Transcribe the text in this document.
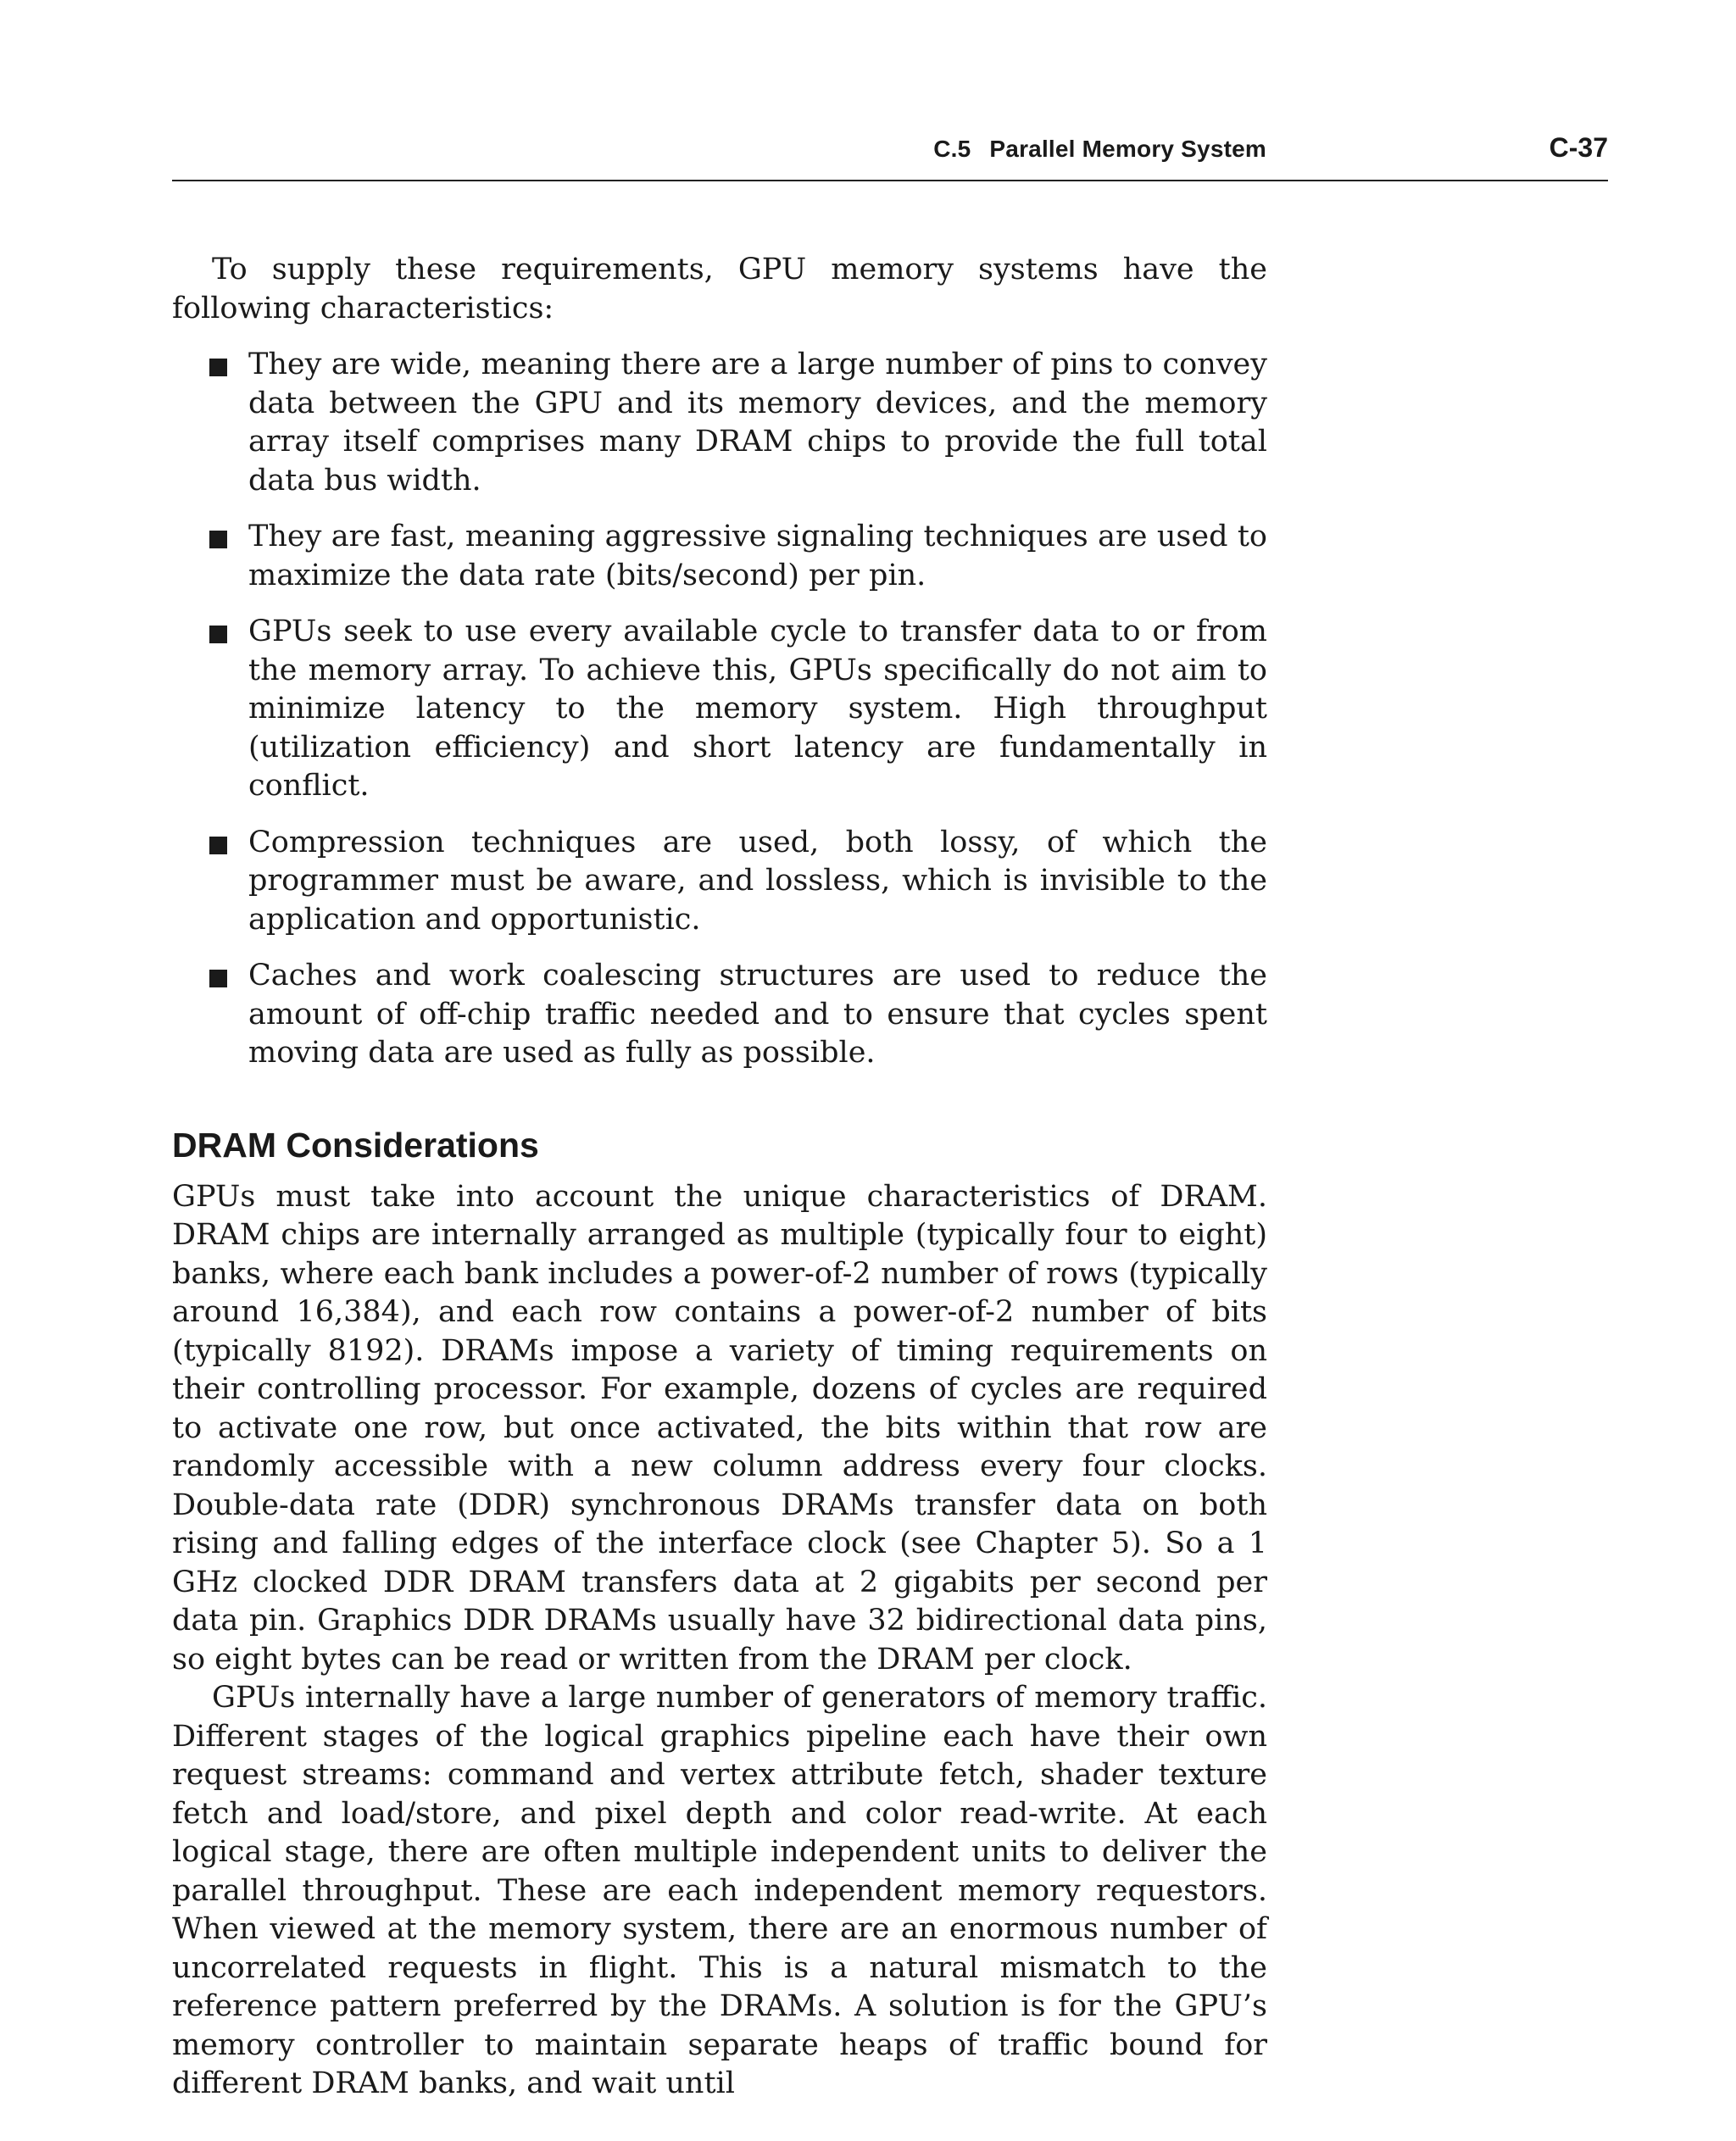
C.5 Parallel Memory System	C-37

To supply these requirements, GPU memory systems have the following characteristics:

They are wide, meaning there are a large number of pins to convey data between the GPU and its memory devices, and the memory array itself comprises many DRAM chips to provide the full total data bus width.
They are fast, meaning aggressive signaling techniques are used to maximize the data rate (bits/second) per pin.
GPUs seek to use every available cycle to transfer data to or from the memory array. To achieve this, GPUs specifically do not aim to minimize latency to the memory system. High throughput (utilization efficiency) and short latency are fundamentally in conflict.
Compression techniques are used, both lossy, of which the programmer must be aware, and lossless, which is invisible to the application and opportunistic.
Caches and work coalescing structures are used to reduce the amount of off-chip traffic needed and to ensure that cycles spent moving data are used as fully as possible.
DRAM Considerations

GPUs must take into account the unique characteristics of DRAM. DRAM chips are internally arranged as multiple (typically four to eight) banks, where each bank includes a power-of-2 number of rows (typically around 16,384), and each row contains a power-of-2 number of bits (typically 8192). DRAMs impose a variety of timing requirements on their controlling processor. For example, dozens of cycles are required to activate one row, but once activated, the bits within that row are randomly accessible with a new column address every four clocks. Double-data rate (DDR) synchronous DRAMs transfer data on both rising and falling edges of the interface clock (see Chapter 5). So a 1 GHz clocked DDR DRAM transfers data at 2 gigabits per second per data pin. Graphics DDR DRAMs usually have 32 bidirectional data pins, so eight bytes can be read or written from the DRAM per clock.

GPUs internally have a large number of generators of memory traffic. Different stages of the logical graphics pipeline each have their own request streams: command and vertex attribute fetch, shader texture fetch and load/store, and pixel depth and color read-write. At each logical stage, there are often multiple independent units to deliver the parallel throughput. These are each independent memory requestors. When viewed at the memory system, there are an enormous number of uncorrelated requests in flight. This is a natural mismatch to the reference pattern preferred by the DRAMs. A solution is for the GPU’s memory controller to maintain separate heaps of traffic bound for different DRAM banks, and wait until
